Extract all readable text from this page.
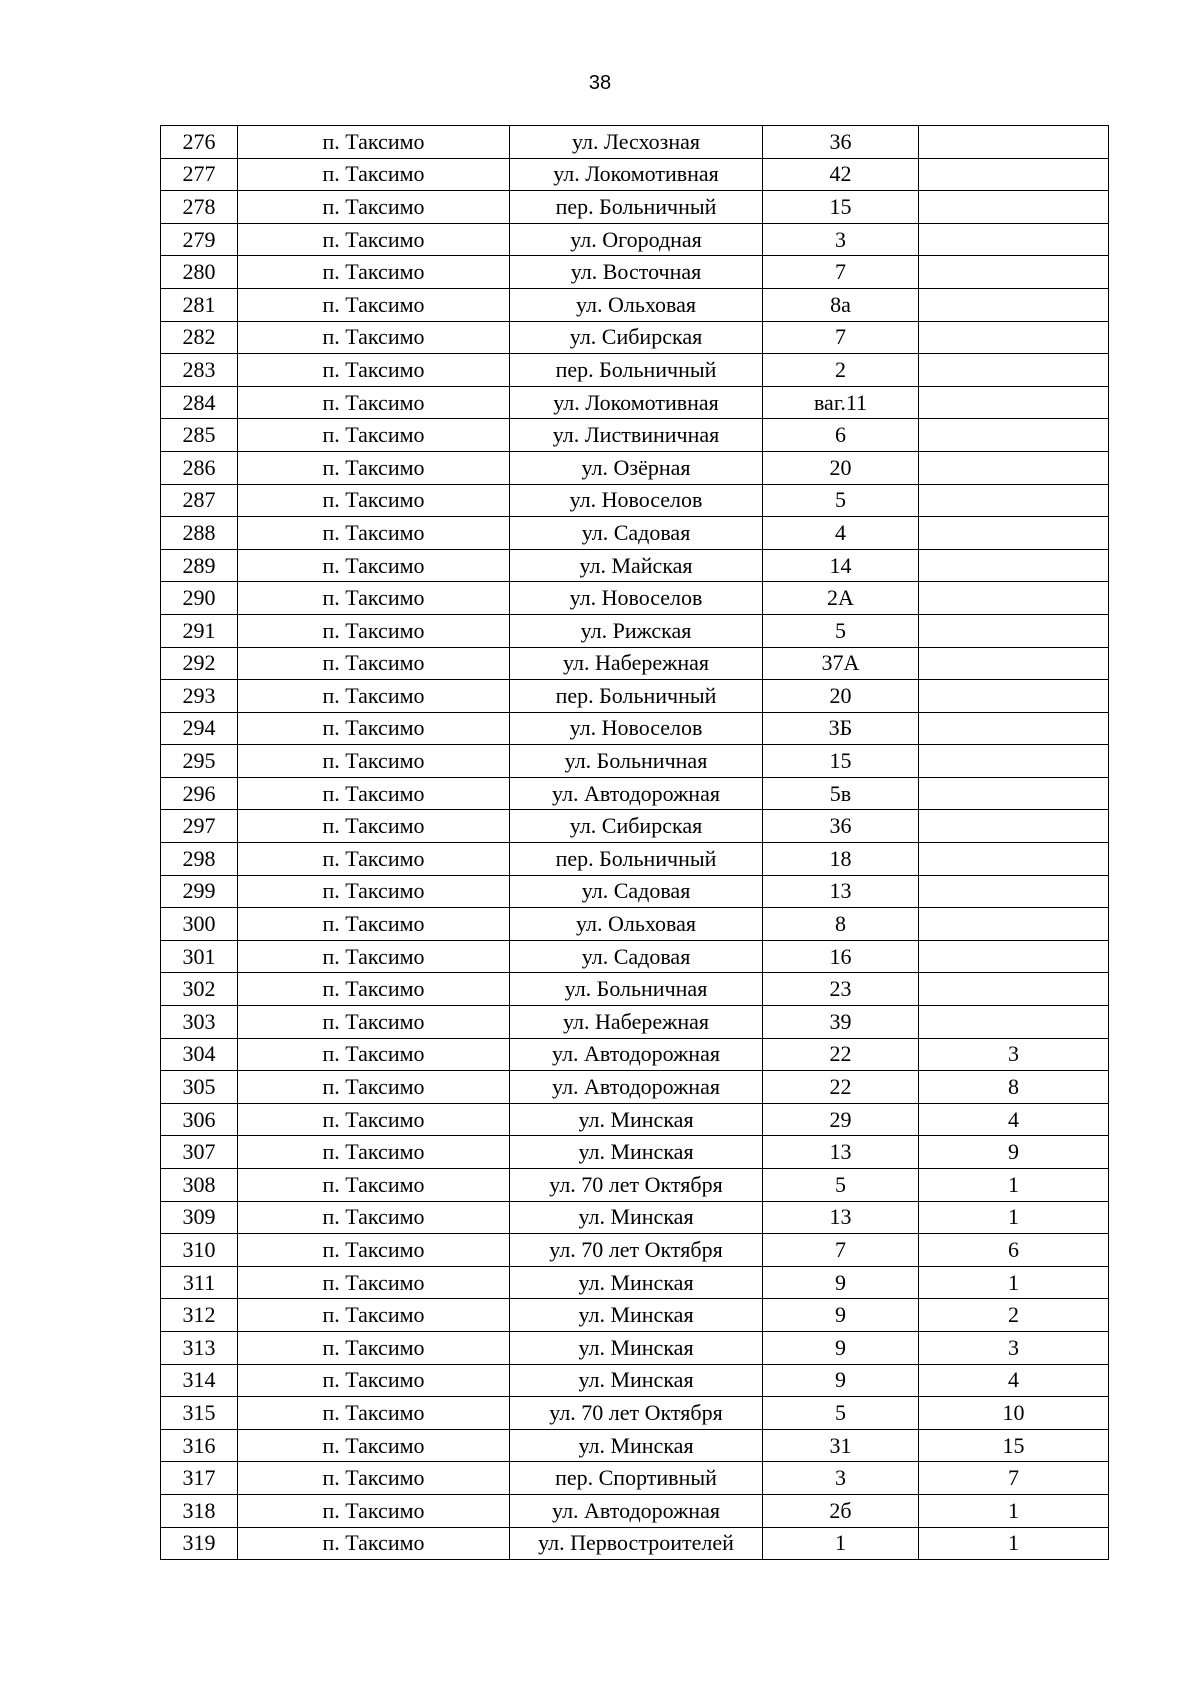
38
276	п. Таксимо	ул. Лесхозная	36	
277	п. Таксимо	ул. Локомотивная	42	
278	п. Таксимо	пер. Больничный	15	
279	п. Таксимо	ул. Огородная	3	
280	п. Таксимо	ул. Восточная	7	
281	п. Таксимо	ул. Ольховая	8а	
282	п. Таксимо	ул. Сибирская	7	
283	п. Таксимо	пер. Больничный	2	
284	п. Таксимо	ул. Локомотивная	ваг.11	
285	п. Таксимо	ул. Листвиничная	6	
286	п. Таксимо	ул. Озёрная	20	
287	п. Таксимо	ул. Новоселов	5	
288	п. Таксимо	ул. Садовая	4	
289	п. Таксимо	ул. Майская	14	
290	п. Таксимо	ул. Новоселов	2А	
291	п. Таксимо	ул. Рижская	5	
292	п. Таксимо	ул. Набережная	37А	
293	п. Таксимо	пер. Больничный	20	
294	п. Таксимо	ул. Новоселов	3Б	
295	п. Таксимо	ул. Больничная	15	
296	п. Таксимо	ул. Автодорожная	5в	
297	п. Таксимо	ул. Сибирская	36	
298	п. Таксимо	пер. Больничный	18	
299	п. Таксимо	ул. Садовая	13	
300	п. Таксимо	ул. Ольховая	8	
301	п. Таксимо	ул. Садовая	16	
302	п. Таксимо	ул. Больничная	23	
303	п. Таксимо	ул. Набережная	39	
304	п. Таксимо	ул. Автодорожная	22	3
305	п. Таксимо	ул. Автодорожная	22	8
306	п. Таксимо	ул. Минская	29	4
307	п. Таксимо	ул. Минская	13	9
308	п. Таксимо	ул. 70 лет Октября	5	1
309	п. Таксимо	ул. Минская	13	1
310	п. Таксимо	ул. 70 лет Октября	7	6
311	п. Таксимо	ул. Минская	9	1
312	п. Таксимо	ул. Минская	9	2
313	п. Таксимо	ул. Минская	9	3
314	п. Таксимо	ул. Минская	9	4
315	п. Таксимо	ул. 70 лет Октября	5	10
316	п. Таксимо	ул. Минская	31	15
317	п. Таксимо	пер. Спортивный	3	7
318	п. Таксимо	ул. Автодорожная	2б	1
319	п. Таксимо	ул. Первостроителей	1	1
